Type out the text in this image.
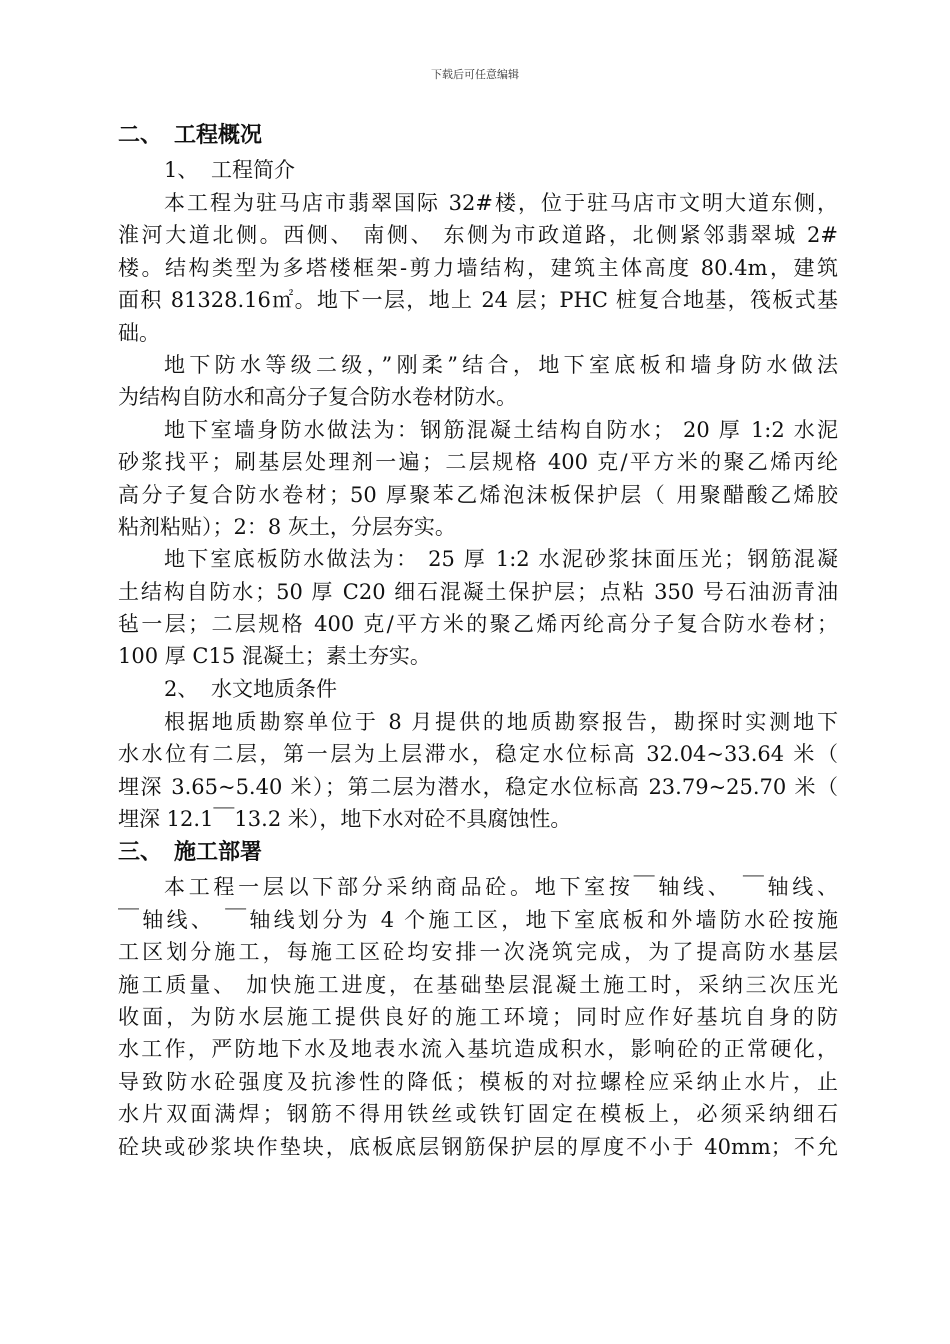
下载后可任意编辑
二、 工程概况
1、 工程简介
本工程为驻马店市翡翠国际 32#楼，位于驻马店市文明大道东侧，
淮河大道北侧。西侧、 南侧、 东侧为市政道路，北侧紧邻翡翠城 2#
楼。结构类型为多塔楼框架-剪力墙结构，建筑主体高度 80.4m，建筑
面积 81328.16㎡。地下一层，地上 24 层；PHC 桩复合地基，筏板式基
础。
地下防水等级二级，”刚柔”结合，地下室底板和墙身防水做法
为结构自防水和高分子复合防水卷材防水。
地下室墙身防水做法为：钢筋混凝土结构自防水； 20 厚 1:2 水泥
砂浆找平；刷基层处理剂一遍；二层规格 400 克/平方米的聚乙烯丙纶
高分子复合防水卷材；50 厚聚苯乙烯泡沫板保护层（ 用聚醋酸乙烯胶
粘剂粘贴）；2：8 灰土，分层夯实。
地下室底板防水做法为： 25 厚 1:2 水泥砂浆抹面压光；钢筋混凝
土结构自防水；50 厚 C20 细石混凝土保护层；点粘 350 号石油沥青油
毡一层；二层规格 400 克/平方米的聚乙烯丙纶高分子复合防水卷材；
100 厚 C15 混凝土；素土夯实。
2、 水文地质条件
根据地质勘察单位于 8 月提供的地质勘察报告，勘探时实测地下
水水位有二层，第一层为上层滞水，稳定水位标高 32.04~33.64 米（
埋深 3.65~5.40 米）；第二层为潜水，稳定水位标高 23.79~25.70 米（
埋深 12.1￣13.2 米），地下水对砼不具腐蚀性。
三、 施工部署
本工程一层以下部分采纳商品砼。地下室按￣轴线、 ￣轴线、
￣轴线、 ￣轴线划分为 4 个施工区，地下室底板和外墙防水砼按施
工区划分施工，每施工区砼均安排一次浇筑完成，为了提高防水基层
施工质量、 加快施工进度，在基础垫层混凝土施工时，采纳三次压光
收面，为防水层施工提供良好的施工环境；同时应作好基坑自身的防
水工作，严防地下水及地表水流入基坑造成积水，影响砼的正常硬化，
导致防水砼强度及抗渗性的降低；模板的对拉螺栓应采纳止水片，止
水片双面满焊；钢筋不得用铁丝或铁钉固定在模板上，必须采纳细石
砼块或砂浆块作垫块，底板底层钢筋保护层的厚度不小于 40mm；不允
